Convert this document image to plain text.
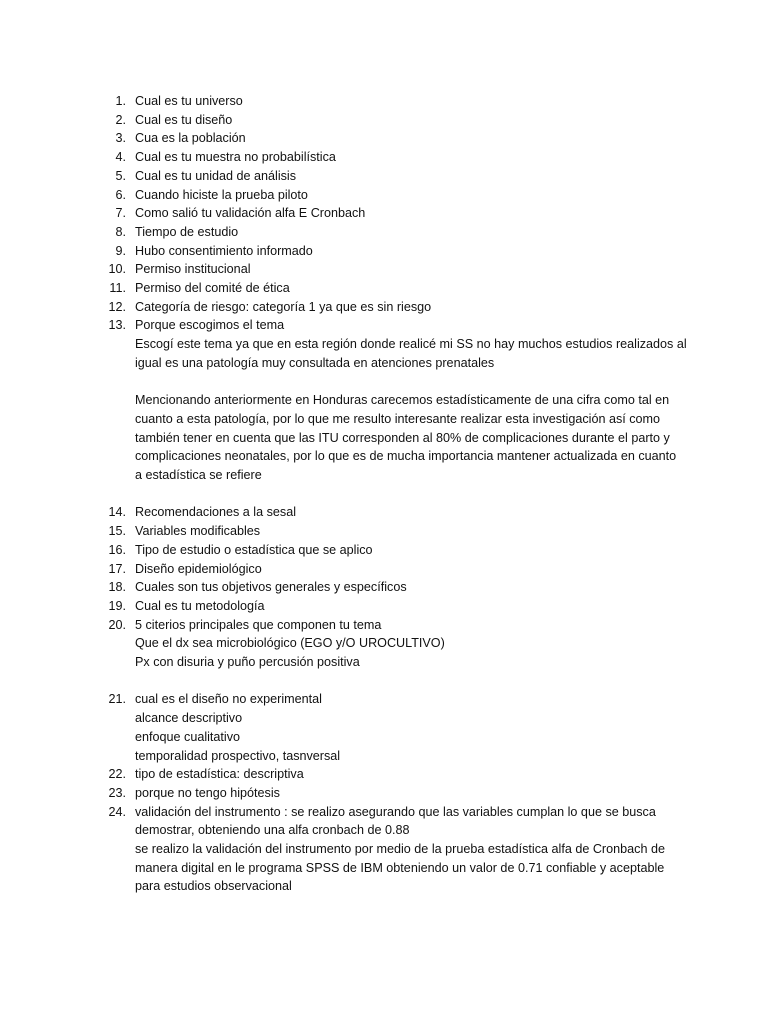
1. Cual es tu universo
2. Cual es tu diseño
3. Cua es la población
4. Cual es tu muestra no probabilística
5. Cual es tu unidad de análisis
6. Cuando hiciste la prueba piloto
7. Como salió tu validación alfa E Cronbach
8. Tiempo de estudio
9. Hubo consentimiento informado
10. Permiso institucional
11. Permiso del comité de ética
12. Categoría de riesgo: categoría 1 ya que es sin riesgo
13. Porque escogimos el tema
Escogí este tema ya que en esta región donde realicé mi SS no hay muchos estudios realizados al
igual es una patología muy consultada en atenciones prenatales
Mencionando anteriormente en Honduras carecemos estadísticamente de una cifra como tal en
cuanto a esta patología, por lo que me resulto interesante realizar esta investigación así como
también tener en cuenta que las ITU corresponden al 80% de complicaciones durante el parto y
complicaciones neonatales, por lo que es de mucha importancia mantener actualizada en cuanto
a estadística se refiere
14. Recomendaciones a la sesal
15. Variables modificables
16. Tipo de estudio o estadística que se aplico
17. Diseño epidemiológico
18. Cuales son tus objetivos generales y específicos
19. Cual es tu metodología
20. 5 citerios principales que componen tu tema
Que el dx sea microbiológico (EGO y/O UROCULTIVO)
Px con disuria y puño percusión positiva
21. cual es el diseño no experimental
alcance descriptivo
enfoque cualitativo
temporalidad prospectivo, tasnversal
22. tipo de estadística: descriptiva
23. porque no tengo hipótesis
24. validación del instrumento : se realizo asegurando que las variables cumplan lo que se busca
demostrar, obteniendo una alfa cronbach de 0.88
se realizo la validación del instrumento por medio de la prueba estadística alfa de Cronbach de
manera digital en le programa SPSS de IBM obteniendo un valor de 0.71 confiable y aceptable
para estudios observacional
